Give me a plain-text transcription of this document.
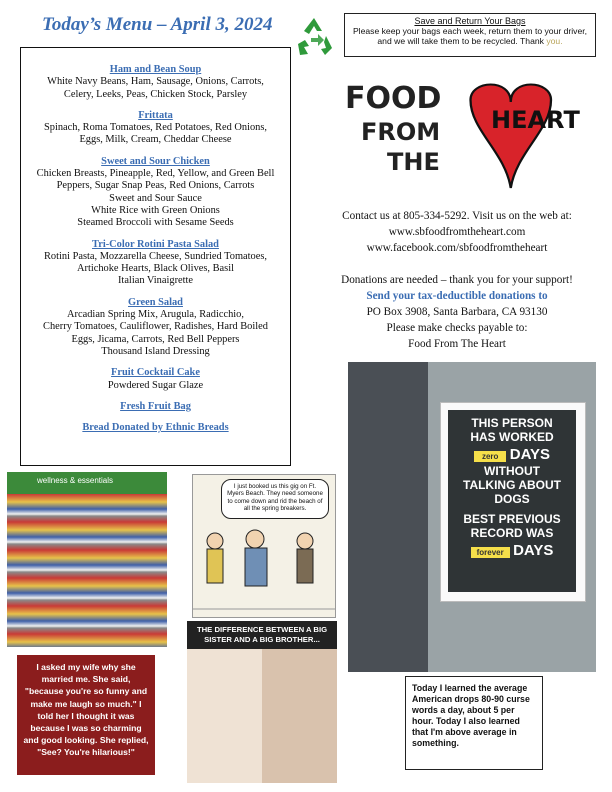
Today’s Menu – April 3, 2024	Save and Return Your Bags
Please keep your bags each week, return them to your driver, and we will take them to be recycled. Thank you.
Ham and Bean Soup
White Navy Beans, Ham, Sausage, Onions, Carrots,
Celery, Leeks, Peas, Chicken Stock, Parsley
Frittata
Spinach, Roma Tomatoes, Red Potatoes, Red Onions,
Eggs, Milk, Cream, Cheddar Cheese
Sweet and Sour Chicken
Chicken Breasts, Pineapple, Red, Yellow, and Green Bell
Peppers, Sugar Snap Peas, Red Onions, Carrots
Sweet and Sour Sauce
White Rice with Green Onions
Steamed Broccoli with Sesame Seeds
Tri-Color Rotini Pasta Salad
Rotini Pasta, Mozzarella Cheese, Sundried Tomatoes,
Artichoke Hearts, Black Olives, Basil
Italian Vinaigrette
Green Salad
Arcadian Spring Mix, Arugula, Radicchio,
Cherry Tomatoes, Cauliflower, Radishes, Hard Boiled
Eggs, Jicama, Carrots, Red Bell Peppers
Thousand Island Dressing
Fruit Cocktail Cake
Powdered Sugar Glaze
Fresh Fruit Bag
Bread Donated by Ethnic Breads
FOOD
FROM
THE
HEART
Contact us at 805-334-5292. Visit us on the web at:
www.sbfoodfromtheheart.com
www.facebook.com/sbfoodfromtheheart
Donations are needed – thank you for your support!
Send your tax-deductible donations to
PO Box 3908, Santa Barbara, CA 93130
Please make checks payable to:
Food From The Heart
wellness & essentials
I just booked us this gig on Ft. Myers Beach. They need someone to come down and rid the beach of all the spring breakers.
I asked my wife why she married me. She said, "because you're so funny and make me laugh so much." I told her I thought it was because I was so charming and good looking. She replied, "See? You're hilarious!"
THE DIFFERENCE BETWEEN A BIG SISTER AND A BIG BROTHER...
THIS PERSON
HAS WORKED
zero DAYS
WITHOUT
TALKING ABOUT
DOGS
BEST PREVIOUS
RECORD WAS
forever DAYS
Today I learned the average American drops 80-90 curse words a day, about 5 per hour. Today I also learned that I'm above average in something.
